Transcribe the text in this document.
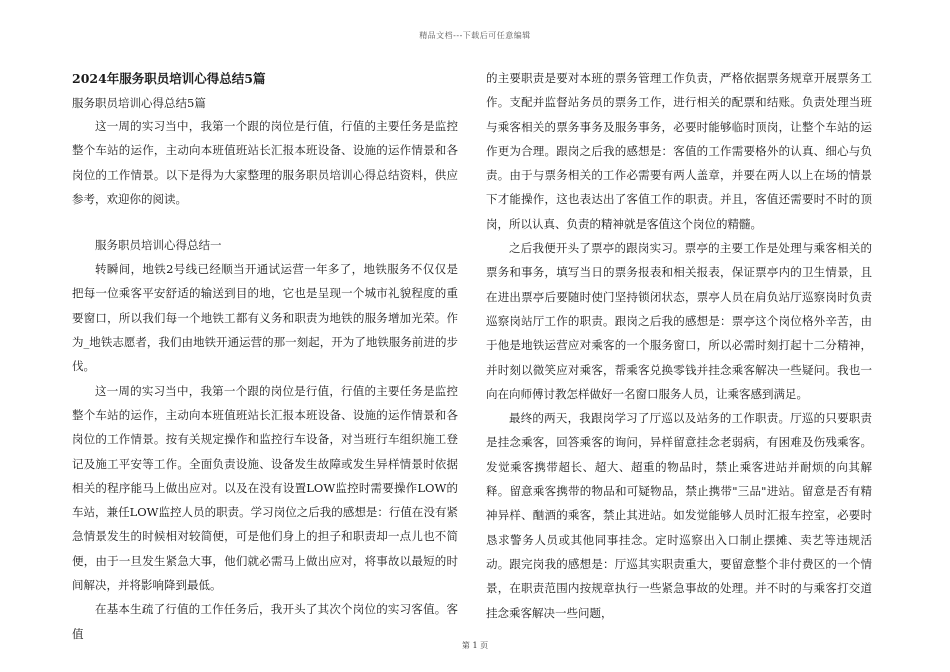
精品文档---下载后可任意编辑
2024年服务职员培训心得总结5篇
服务职员培训心得总结5篇

这一周的实习当中，我第一个跟的岗位是行值，行值的主要任务是监控整个车站的运作，主动向本班值班站长汇报本班设备、设施的运作情景和各岗位的工作情景。以下是得为大家整理的服务职员培训心得总结资料，供应参考，欢迎你的阅读。

服务职员培训心得总结一

转瞬间，地铁2号线已经顺当开通试运营一年多了，地铁服务不仅仅是把每一位乘客平安舒适的输送到目的地，它也是呈现一个城市礼貌程度的重要窗口，所以我们每一个地铁工都有义务和职责为地铁的服务增加光荣。作为_地铁志愿者，我们由地铁开通运营的那一刻起，开为了地铁服务前进的步伐。

这一周的实习当中，我第一个跟的岗位是行值，行值的主要任务是监控整个车站的运作，主动向本班值班站长汇报本班设备、设施的运作情景和各岗位的工作情景。按有关规定操作和监控行车设备，对当班行车组织施工登记及施工平安等工作。全面负责设施、设备发生故障或发生异样情景时依据相关的程序能马上做出应对。以及在没有设置LOW监控时需要操作LOW的车站，兼任LOW监控人员的职责。学习岗位之后我的感想是：行值在没有紧急情景发生的时候相对较简便，可是他们身上的担子和职责却一点儿也不简便，由于一旦发生紧急大事，他们就必需马上做出应对，将事故以最短的时间解决，并将影响降到最低。

在基本生疏了行值的工作任务后，我开头了其次个岗位的实习客值。客值

的主要职责是要对本班的票务管理工作负责，严格依据票务规章开展票务工作。支配并监督站务员的票务工作，进行相关的配票和结账。负责处理当班与乘客相关的票务事务及服务事务，必要时能够临时顶岗，让整个车站的运作更为合理。跟岗之后我的感想是：客值的工作需要格外的认真、细心与负责。由于与票务相关的工作必需要有两人盖章，并要在两人以上在场的情景下才能操作，这也表达出了客值工作的职责。并且，客值还需要时不时的顶岗，所以认真、负责的精神就是客值这个岗位的精髓。

之后我便开头了票亭的跟岗实习。票亭的主要工作是处理与乘客相关的票务和事务，填写当日的票务报表和相关报表，保证票亭内的卫生情景，且在进出票亭后要随时使门坚持锁闭状态，票亭人员在肩负站厅巡察岗时负责巡察岗站厅工作的职责。跟岗之后我的感想是：票亭这个岗位格外辛苦，由于他是地铁运营应对乘客的一个服务窗口，所以必需时刻打起十二分精神，并时刻以微笑应对乘客，帮乘客兑换零钱并挂念乘客解决一些疑问。我也一向在向师傅讨教怎样做好一名窗口服务人员，让乘客感到满足。

最终的两天，我跟岗学习了厅巡以及站务的工作职责。厅巡的只要职责是挂念乘客，回答乘客的询问，异样留意挂念老弱病，有困难及伤残乘客。发觉乘客携带超长、超大、超重的物品时，禁止乘客进站并耐烦的向其解释。留意乘客携带的物品和可疑物品，禁止携带"三品"进站。留意是否有精神异样、酗酒的乘客，禁止其进站。如发觉能够人员时汇报车控室，必要时恳求警务人员或其他同事挂念。定时巡察出入口制止摆摊、卖艺等违规活动。跟完岗我的感想是：厅巡其实职责重大，要留意整个非付费区的一个情景，在职责范围内按规章执行一些紧急事故的处理。并不时的与乘客打交道挂念乘客解决一些问题，

第 1 页
